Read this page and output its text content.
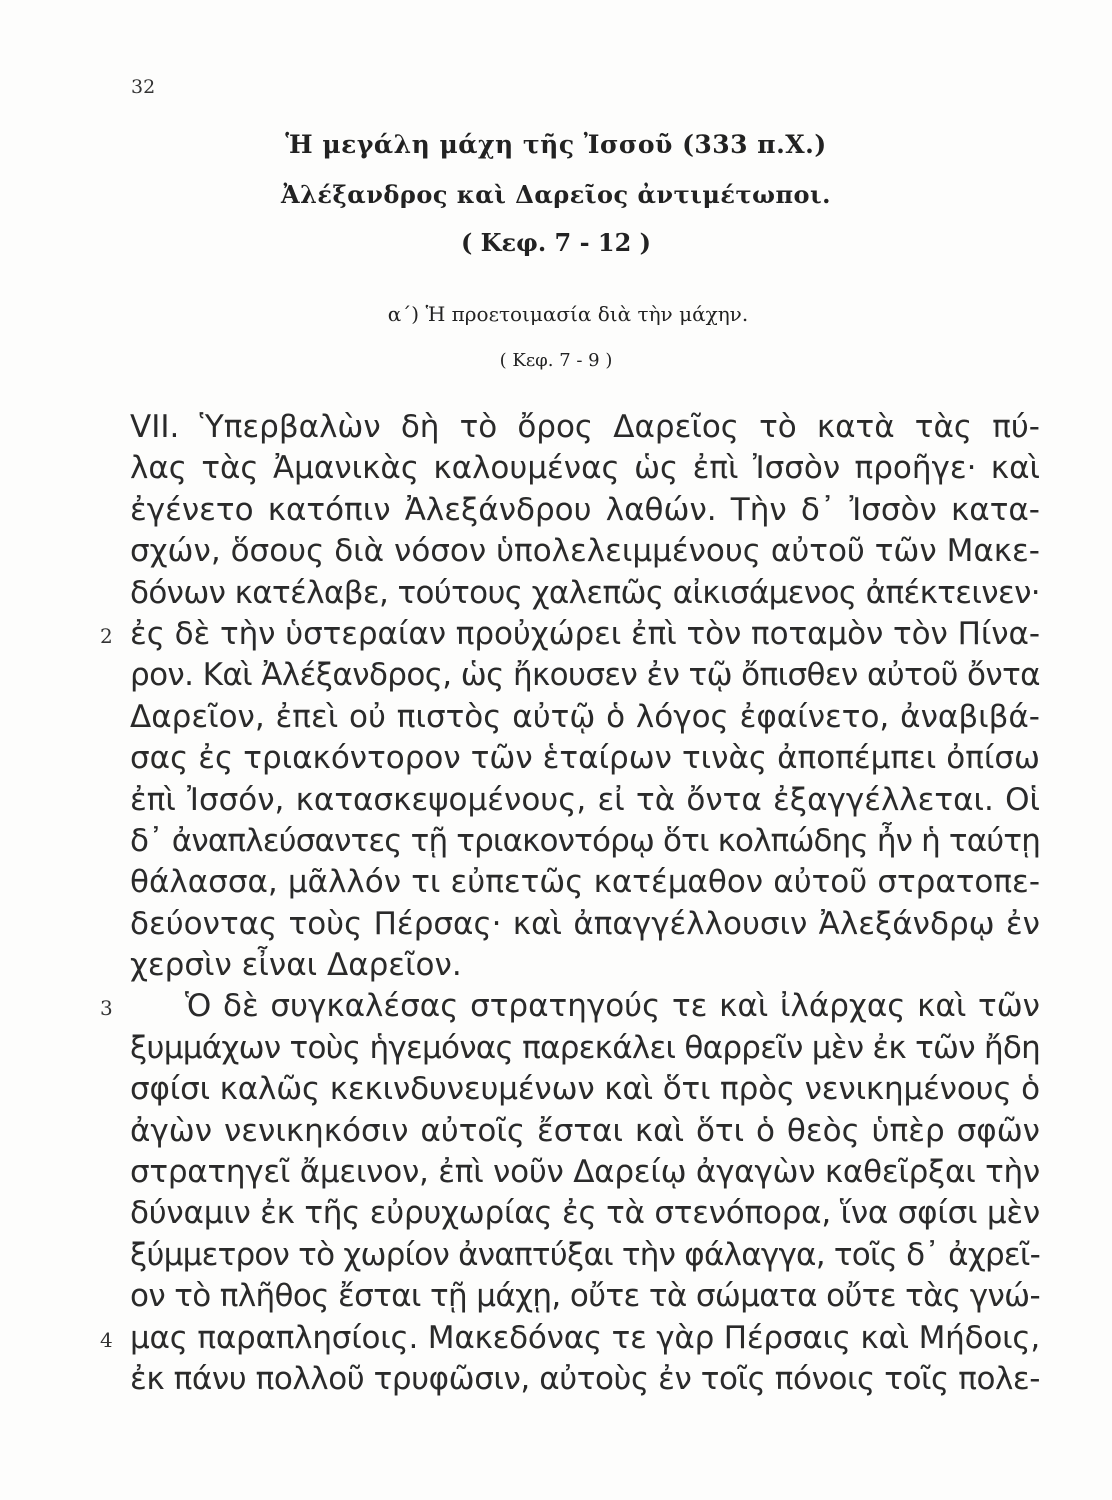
32
Ἡ μεγάλη μάχη τῆς Ἰσσοῦ (333 π.Χ.)
Ἀλέξανδρος καὶ Δαρεῖος ἀντιμέτωποι.
( Κεφ. 7 - 12 )
α΄) Ἡ προετοιμασία διὰ τὴν μάχην.
( Κεφ. 7 - 9 )
VII. Ὑπερβαλὼν δὴ τὸ ὄρος Δαρεῖος τὸ κατὰ τὰς πύ-
λας τὰς Ἀμανικὰς καλουμένας ὡς ἐπὶ Ἰσσὸν προῆγε· καὶ
ἐγένετο κατόπιν Ἀλεξάνδρου λαθών. Τὴν δ᾽ Ἰσσὸν κατα-
σχών, ὅσους διὰ νόσον ὑπολελειμμένους αὐτοῦ τῶν Μακε-
δόνων κατέλαβε, τούτους χαλεπῶς αἰκισάμενος ἀπέκτεινεν·
2 ἐς δὲ τὴν ὑστεραίαν προὐχώρει ἐπὶ τὸν ποταμὸν τὸν Πίνα-
ρον. Καὶ Ἀλέξανδρος, ὡς ἤκουσεν ἐν τῷ ὄπισθεν αὐτοῦ ὄντα
Δαρεῖον, ἐπεὶ οὐ πιστὸς αὐτῷ ὁ λόγος ἐφαίνετο, ἀναβιβά-
σας ἐς τριακόντορον τῶν ἑταίρων τινὰς ἀποπέμπει ὀπίσω
ἐπὶ Ἰσσόν, κατασκεψομένους, εἰ τὰ ὄντα ἐξαγγέλλεται. Οἱ
δ᾽ ἀναπλεύσαντες τῇ τριακοντόρῳ ὅτι κολπώδης ἦν ἡ ταύτῃ
θάλασσα, μᾶλλόν τι εὐπετῶς κατέμαθον αὐτοῦ στρατοπε-
δεύοντας τοὺς Πέρσας· καὶ ἀπαγγέλλουσιν Ἀλεξάνδρῳ ἐν
χερσὶν εἶναι Δαρεῖον.
3 Ὁ δὲ συγκαλέσας στρατηγούς τε καὶ ἰλάρχας καὶ τῶν
ξυμμάχων τοὺς ἡγεμόνας παρεκάλει θαρρεῖν μὲν ἐκ τῶν ἤδη
σφίσι καλῶς κεκινδυνευμένων καὶ ὅτι πρὸς νενικημένους ὁ
ἀγὼν νενικηκόσιν αὐτοῖς ἔσται καὶ ὅτι ὁ θεὸς ὑπὲρ σφῶν
στρατηγεῖ ἄμεινον, ἐπὶ νοῦν Δαρείῳ ἀγαγὼν καθεῖρξαι τὴν
δύναμιν ἐκ τῆς εὐρυχωρίας ἐς τὰ στενόπορα, ἵνα σφίσι μὲν
ξύμμετρον τὸ χωρίον ἀναπτύξαι τὴν φάλαγγα, τοῖς δ᾽ ἀχρεῖ-
ον τὸ πλῆθος ἔσται τῇ μάχῃ, οὔτε τὰ σώματα οὔτε τὰς γνώ-
4 μας παραπλησίοις. Μακεδόνας τε γὰρ Πέρσαις καὶ Μήδοις,
ἐκ πάνυ πολλοῦ τρυφῶσιν, αὐτοὺς ἐν τοῖς πόνοις τοῖς πολε-
